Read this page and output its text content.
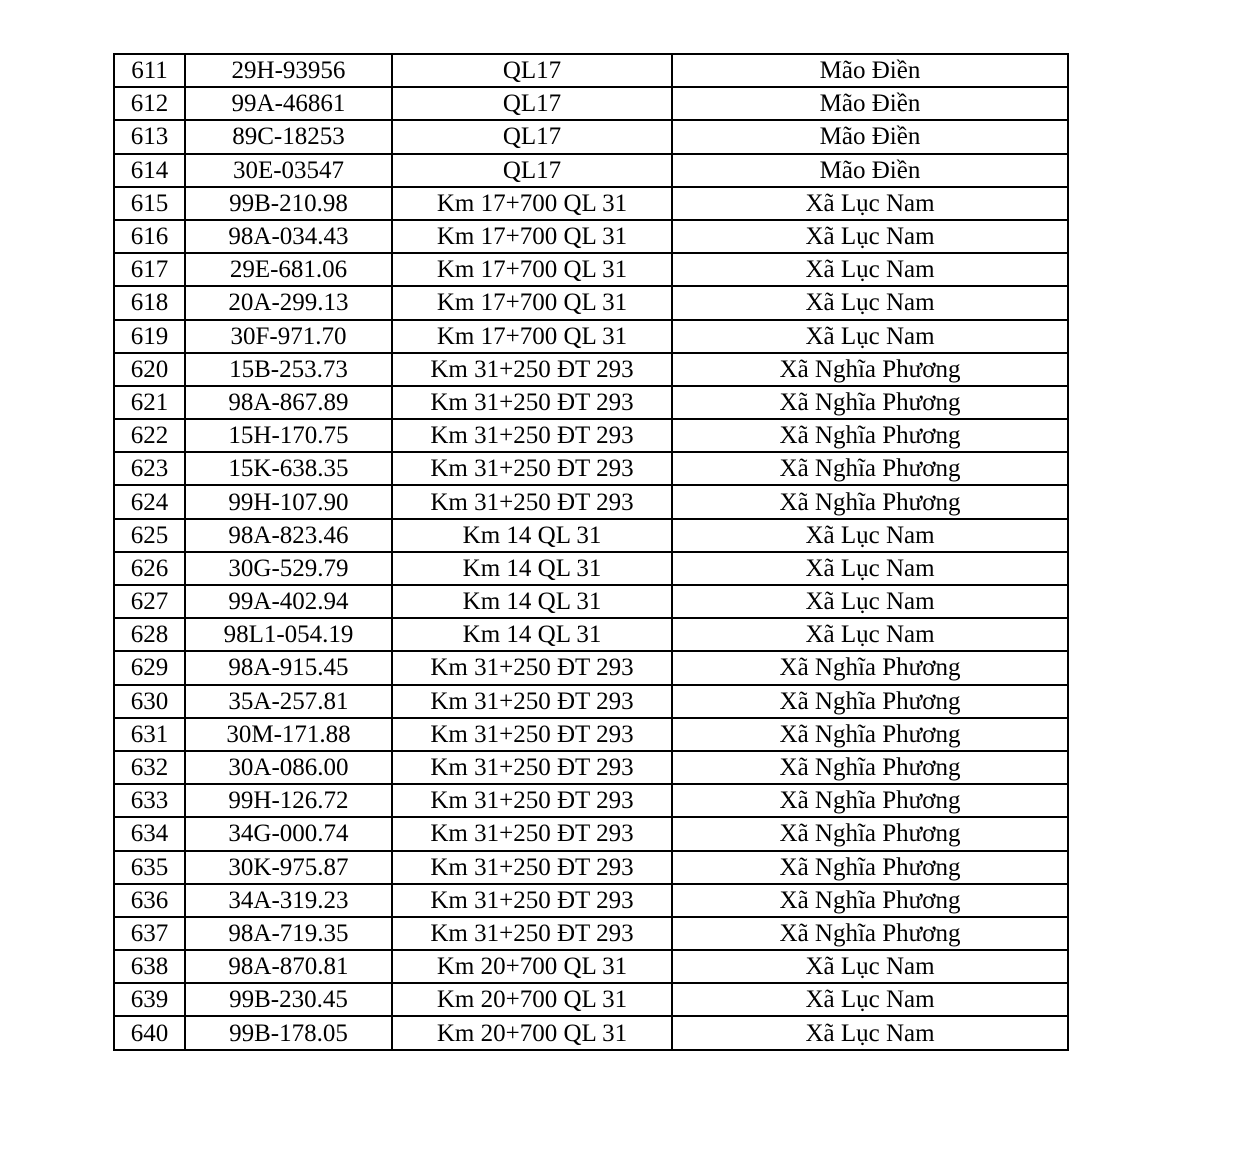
611	29H-93956	QL17	Mão Điền
612	99A-46861	QL17	Mão Điền
613	89C-18253	QL17	Mão Điền
614	30E-03547	QL17	Mão Điền
615	99B-210.98	Km 17+700 QL 31	Xã Lục Nam
616	98A-034.43	Km 17+700 QL 31	Xã Lục Nam
617	29E-681.06	Km 17+700 QL 31	Xã Lục Nam
618	20A-299.13	Km 17+700 QL 31	Xã Lục Nam
619	30F-971.70	Km 17+700 QL 31	Xã Lục Nam
620	15B-253.73	Km 31+250 ĐT 293	Xã Nghĩa Phương
621	98A-867.89	Km 31+250 ĐT 293	Xã Nghĩa Phương
622	15H-170.75	Km 31+250 ĐT 293	Xã Nghĩa Phương
623	15K-638.35	Km 31+250 ĐT 293	Xã Nghĩa Phương
624	99H-107.90	Km 31+250 ĐT 293	Xã Nghĩa Phương
625	98A-823.46	Km 14 QL 31	Xã Lục Nam
626	30G-529.79	Km 14 QL 31	Xã Lục Nam
627	99A-402.94	Km 14 QL 31	Xã Lục Nam
628	98L1-054.19	Km 14 QL 31	Xã Lục Nam
629	98A-915.45	Km 31+250 ĐT 293	Xã Nghĩa Phương
630	35A-257.81	Km 31+250 ĐT 293	Xã Nghĩa Phương
631	30M-171.88	Km 31+250 ĐT 293	Xã Nghĩa Phương
632	30A-086.00	Km 31+250 ĐT 293	Xã Nghĩa Phương
633	99H-126.72	Km 31+250 ĐT 293	Xã Nghĩa Phương
634	34G-000.74	Km 31+250 ĐT 293	Xã Nghĩa Phương
635	30K-975.87	Km 31+250 ĐT 293	Xã Nghĩa Phương
636	34A-319.23	Km 31+250 ĐT 293	Xã Nghĩa Phương
637	98A-719.35	Km 31+250 ĐT 293	Xã Nghĩa Phương
638	98A-870.81	Km 20+700 QL 31	Xã Lục Nam
639	99B-230.45	Km 20+700 QL 31	Xã Lục Nam
640	99B-178.05	Km 20+700 QL 31	Xã Lục Nam
